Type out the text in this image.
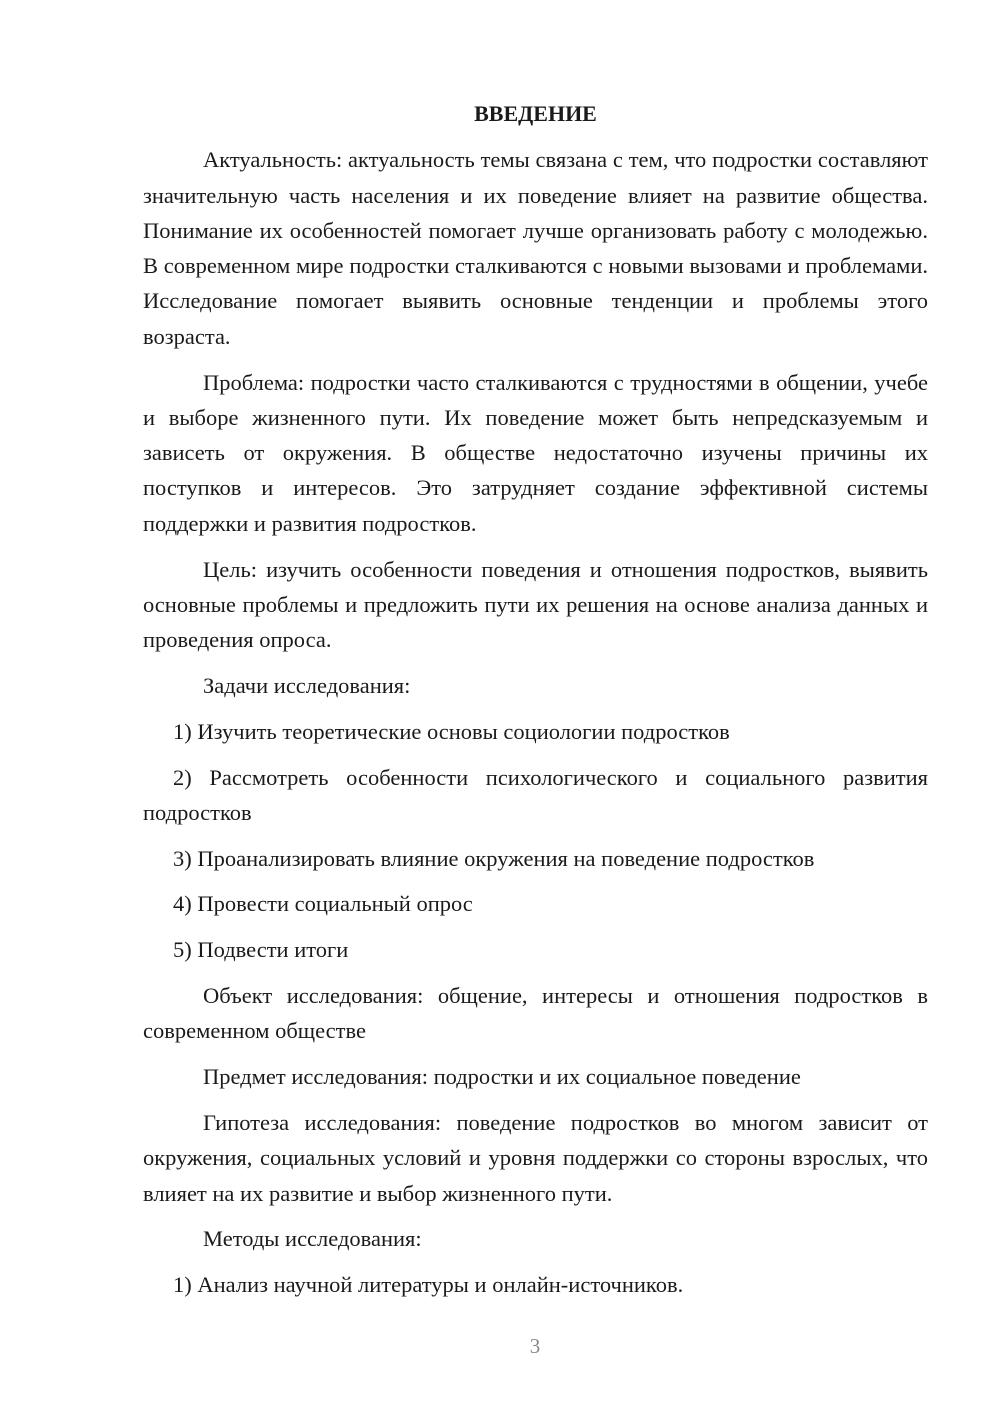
ВВЕДЕНИЕ

Актуальность: актуальность темы связана с тем, что подростки составляют значительную часть населения и их поведение влияет на развитие общества. Понимание их особенностей помогает лучше организовать работу с молодежью. В современном мире подростки сталкиваются с новыми вызовами и проблемами. Исследование помогает выявить основные тенденции и проблемы этого возраста.

Проблема: подростки часто сталкиваются с трудностями в общении, учебе и выборе жизненного пути. Их поведение может быть непредсказуемым и зависеть от окружения. В обществе недостаточно изучены причины их поступков и интересов. Это затрудняет создание эффективной системы поддержки и развития подростков.

Цель: изучить особенности поведения и отношения подростков, выявить основные проблемы и предложить пути их решения на основе анализа данных и проведения опроса.

Задачи исследования:

1) Изучить теоретические основы социологии подростков

2) Рассмотреть особенности психологического и социального развития подростков

3) Проанализировать влияние окружения на поведение подростков

4) Провести социальный опрос

5) Подвести итоги

Объект исследования: общение, интересы и отношения подростков в современном обществе

Предмет исследования: подростки и их социальное поведение

Гипотеза исследования: поведение подростков во многом зависит от окружения, социальных условий и уровня поддержки со стороны взрослых, что влияет на их развитие и выбор жизненного пути.

Методы исследования:

1) Анализ научной литературы и онлайн-источников.

3
